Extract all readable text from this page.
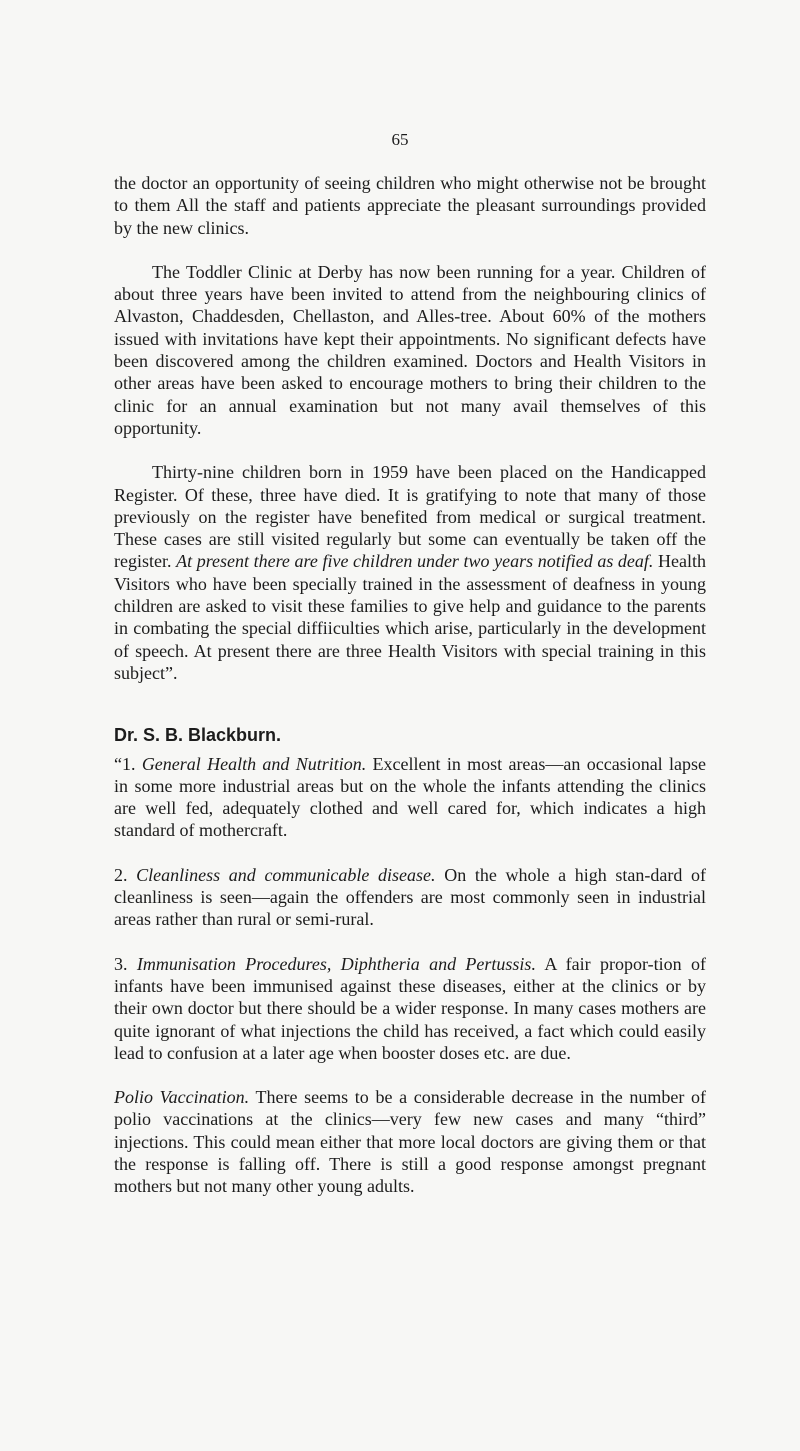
65

the doctor an opportunity of seeing children who might otherwise not be brought to them All the staff and patients appreciate the pleasant surroundings provided by the new clinics.

The Toddler Clinic at Derby has now been running for a year. Children of about three years have been invited to attend from the neighbouring clinics of Alvaston, Chaddesden, Chellaston, and Alles-tree. About 60% of the mothers issued with invitations have kept their appointments. No significant defects have been discovered among the children examined. Doctors and Health Visitors in other areas have been asked to encourage mothers to bring their children to the clinic for an annual examination but not many avail themselves of this opportunity.

Thirty-nine children born in 1959 have been placed on the Handicapped Register. Of these, three have died. It is gratifying to note that many of those previously on the register have benefited from medical or surgical treatment. These cases are still visited regularly but some can eventually be taken off the register. At present there are five children under two years notified as deaf. Health Visitors who have been specially trained in the assessment of deafness in young children are asked to visit these families to give help and guidance to the parents in combating the special diffiiculties which arise, particularly in the development of speech. At present there are three Health Visitors with special training in this subject”.

Dr. S. B. Blackburn.

“1. General Health and Nutrition. Excellent in most areas—an occasional lapse in some more industrial areas but on the whole the infants attending the clinics are well fed, adequately clothed and well cared for, which indicates a high standard of mothercraft.

2. Cleanliness and communicable disease. On the whole a high stan-dard of cleanliness is seen—again the offenders are most commonly seen in industrial areas rather than rural or semi-rural.

3. Immunisation Procedures, Diphtheria and Pertussis. A fair propor-tion of infants have been immunised against these diseases, either at the clinics or by their own doctor but there should be a wider response. In many cases mothers are quite ignorant of what injections the child has received, a fact which could easily lead to confusion at a later age when booster doses etc. are due.

Polio Vaccination. There seems to be a considerable decrease in the number of polio vaccinations at the clinics—very few new cases and many “third” injections. This could mean either that more local doctors are giving them or that the response is falling off. There is still a good response amongst pregnant mothers but not many other young adults.
